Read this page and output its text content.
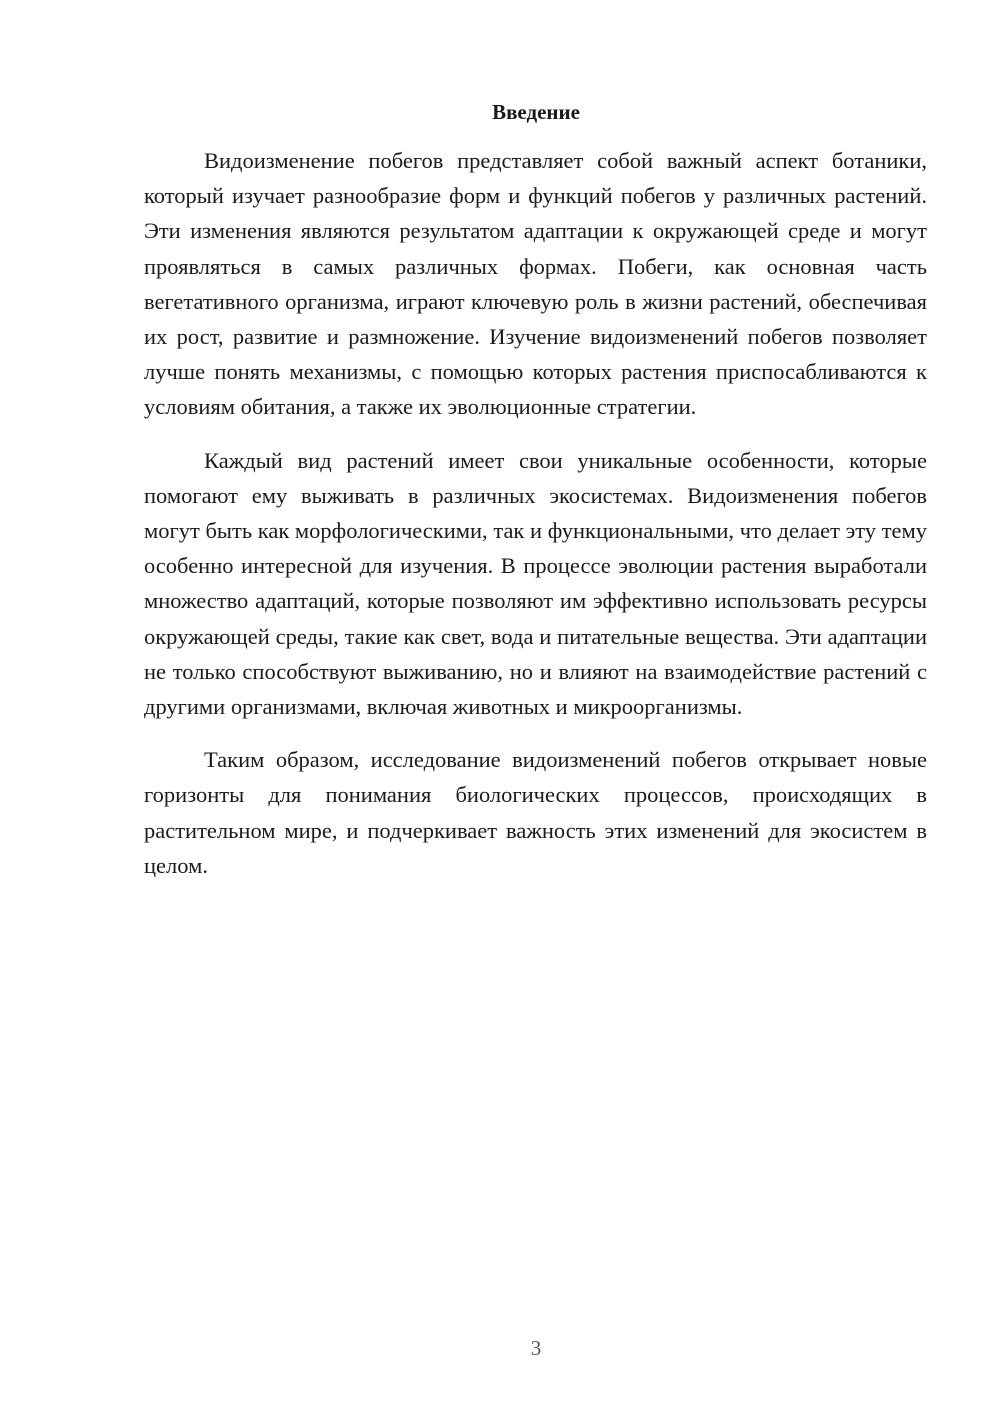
Введение

Видоизменение побегов представляет собой важный аспект ботаники, который изучает разнообразие форм и функций побегов у различных растений. Эти изменения являются результатом адаптации к окружающей среде и могут проявляться в самых различных формах. Побеги, как основная часть вегетативного организма, играют ключевую роль в жизни растений, обеспечивая их рост, развитие и размножение. Изучение видоизменений побегов позволяет лучше понять механизмы, с помощью которых растения приспосабливаются к условиям обитания, а также их эволюционные стратегии.

Каждый вид растений имеет свои уникальные особенности, которые помогают ему выживать в различных экосистемах. Видоизменения побегов могут быть как морфологическими, так и функциональными, что делает эту тему особенно интересной для изучения. В процессе эволюции растения выработали множество адаптаций, которые позволяют им эффективно использовать ресурсы окружающей среды, такие как свет, вода и питательные вещества. Эти адаптации не только способствуют выживанию, но и влияют на взаимодействие растений с другими организмами, включая животных и микроорганизмы.

Таким образом, исследование видоизменений побегов открывает новые горизонты для понимания биологических процессов, происходящих в растительном мире, и подчеркивает важность этих изменений для экосистем в целом.

3
